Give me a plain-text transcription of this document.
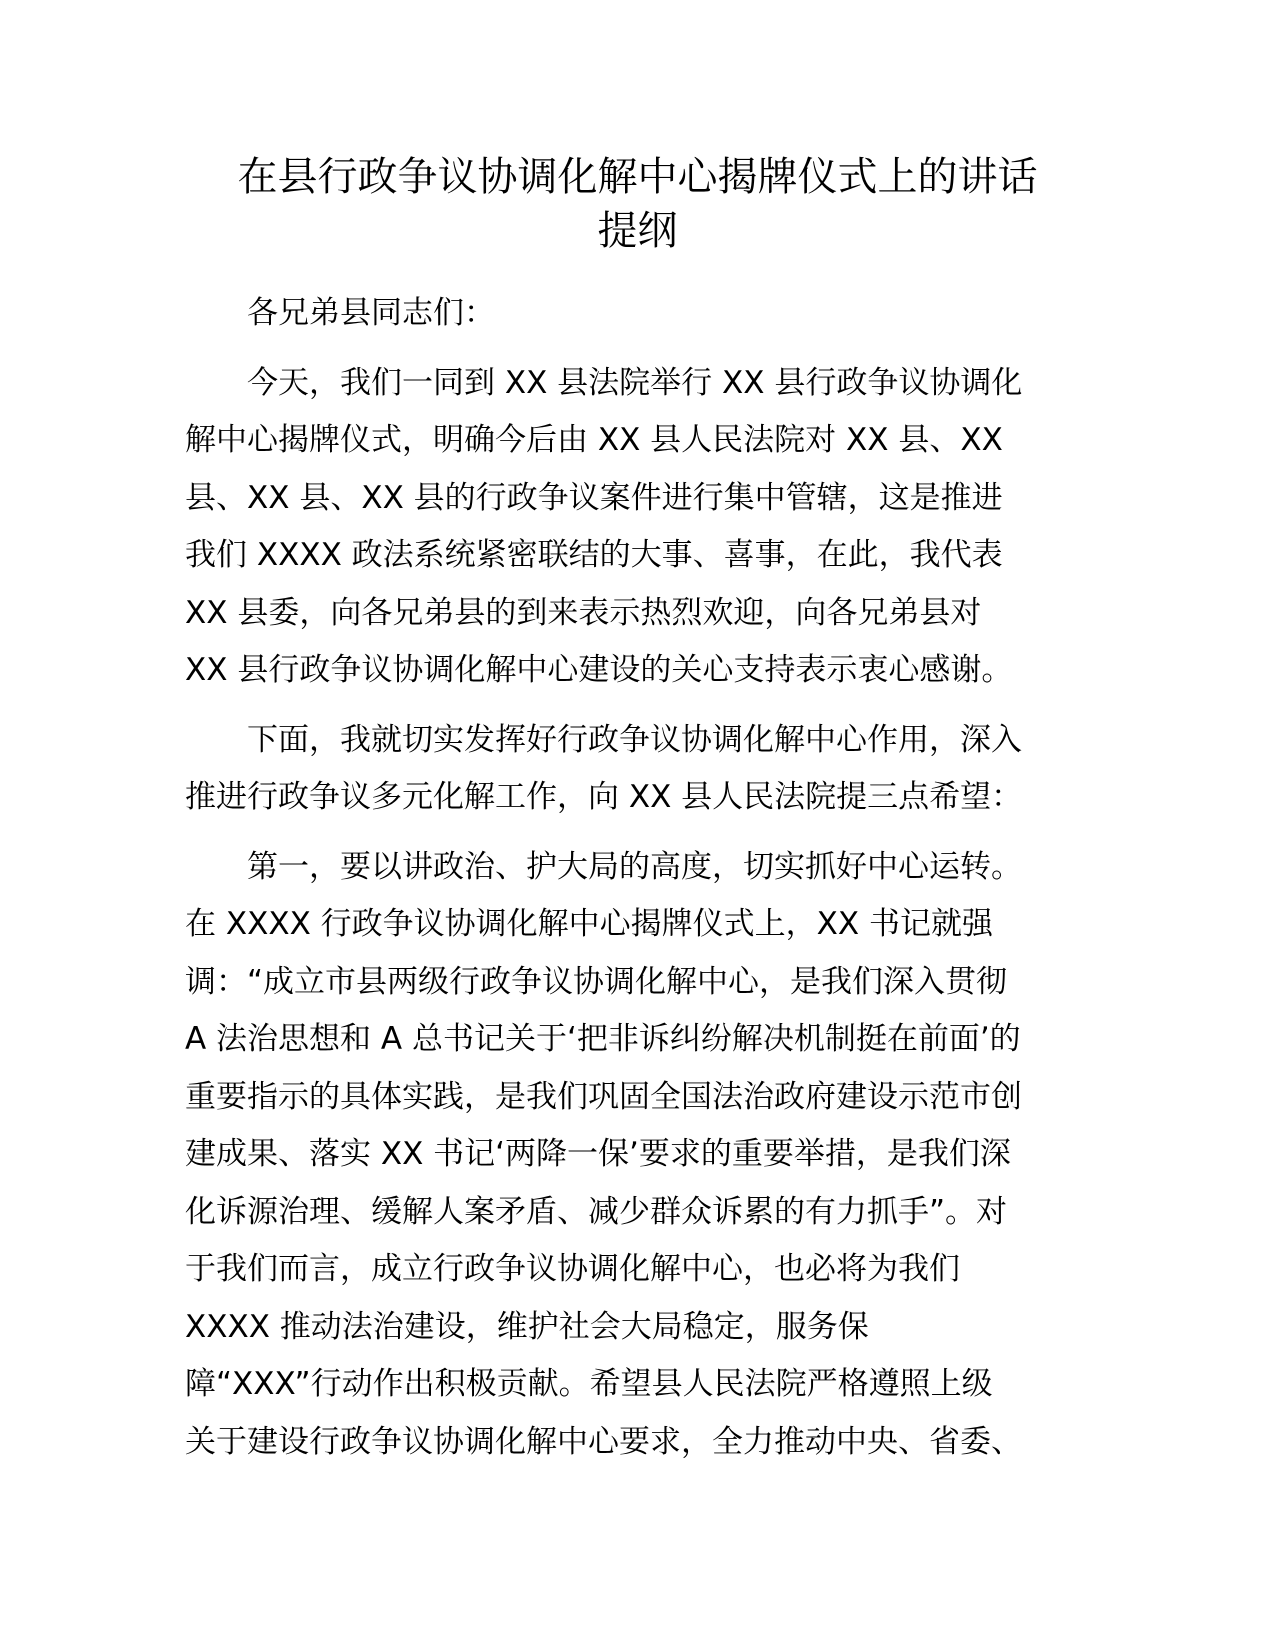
在县行政争议协调化解中心揭牌仪式上的讲话
提纲

各兄弟县同志们：

今天，我们一同到 XX 县法院举行 XX 县行政争议协调化
解中心揭牌仪式，明确今后由 XX 县人民法院对 XX 县、XX
县、XX 县、XX 县的行政争议案件进行集中管辖，这是推进
我们 XXXX 政法系统紧密联结的大事、喜事，在此，我代表
XX 县委，向各兄弟县的到来表示热烈欢迎，向各兄弟县对
XX 县行政争议协调化解中心建设的关心支持表示衷心感谢。

下面，我就切实发挥好行政争议协调化解中心作用，深入
推进行政争议多元化解工作，向 XX 县人民法院提三点希望：

第一，要以讲政治、护大局的高度，切实抓好中心运转。
在 XXXX 行政争议协调化解中心揭牌仪式上，XX 书记就强
调：“成立市县两级行政争议协调化解中心，是我们深入贯彻
A 法治思想和 A 总书记关于‘把非诉纠纷解决机制挺在前面’的
重要指示的具体实践，是我们巩固全国法治政府建设示范市创
建成果、落实 XX 书记‘两降一保’要求的重要举措，是我们深
化诉源治理、缓解人案矛盾、减少群众诉累的有力抓手”。对
于我们而言，成立行政争议协调化解中心，也必将为我们
XXXX 推动法治建设，维护社会大局稳定，服务保
障“XXX”行动作出积极贡献。希望县人民法院严格遵照上级
关于建设行政争议协调化解中心要求，全力推动中央、省委、
